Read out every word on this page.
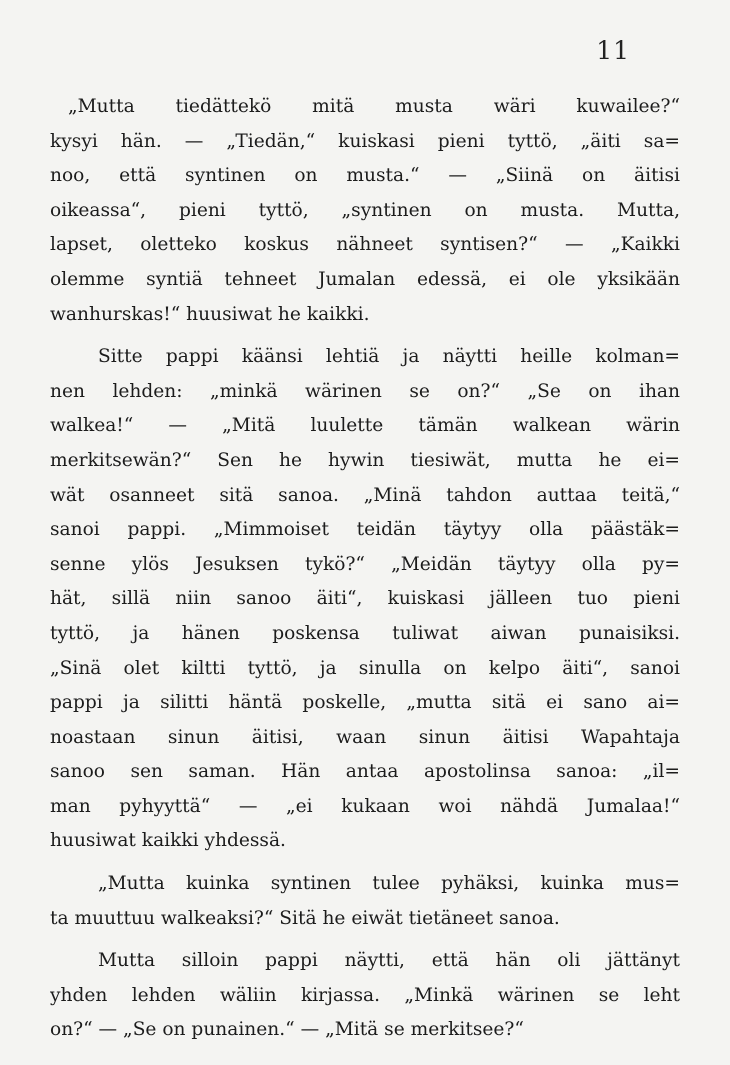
11
„Mutta tiedättekö mitä musta wäri kuwailee?“
kysyi hän. — „Tiedän,“ kuiskasi pieni tyttö, „äiti sa=
noo, että syntinen on musta.“ — „Siinä on äitisi
oikeassa“, pieni tyttö, „syntinen on musta. Mutta,
lapset, oletteko koskus nähneet syntisen?“ — „Kaikki
olemme syntiä tehneet Jumalan edessä, ei ole yksikään
wanhurskas!“ huusiwat he kaikki.
Sitte pappi käänsi lehtiä ja näytti heille kolman=
nen lehden: „minkä wärinen se on?“ „Se on ihan
walkea!“ — „Mitä luulette tämän walkean wärin
merkitsewän?“ Sen he hywin tiesiwät, mutta he ei=
wät osanneet sitä sanoa. „Minä tahdon auttaa teitä,“
sanoi pappi. „Mimmoiset teidän täytyy olla päästäk=
senne ylös Jesuksen tykö?“ „Meidän täytyy olla py=
hät, sillä niin sanoo äiti“, kuiskasi jälleen tuo pieni
tyttö, ja hänen poskensa tuliwat aiwan punaisiksi.
„Sinä olet kiltti tyttö, ja sinulla on kelpo äiti“, sanoi
pappi ja silitti häntä poskelle, „mutta sitä ei sano ai=
noastaan sinun äitisi, waan sinun äitisi Wapahtaja
sanoo sen saman. Hän antaa apostolinsa sanoa: „il=
man pyhyyttä“ — „ei kukaan woi nähdä Jumalaa!“
huusiwat kaikki yhdessä.
„Mutta kuinka syntinen tulee pyhäksi, kuinka mus=
ta muuttuu walkeaksi?“ Sitä he eiwät tietäneet sanoa.
Mutta silloin pappi näytti, että hän oli jättänyt
yhden lehden wäliin kirjassa. „Minkä wärinen se leht
on?“ — „Se on punainen.“ — „Mitä se merkitsee?“
